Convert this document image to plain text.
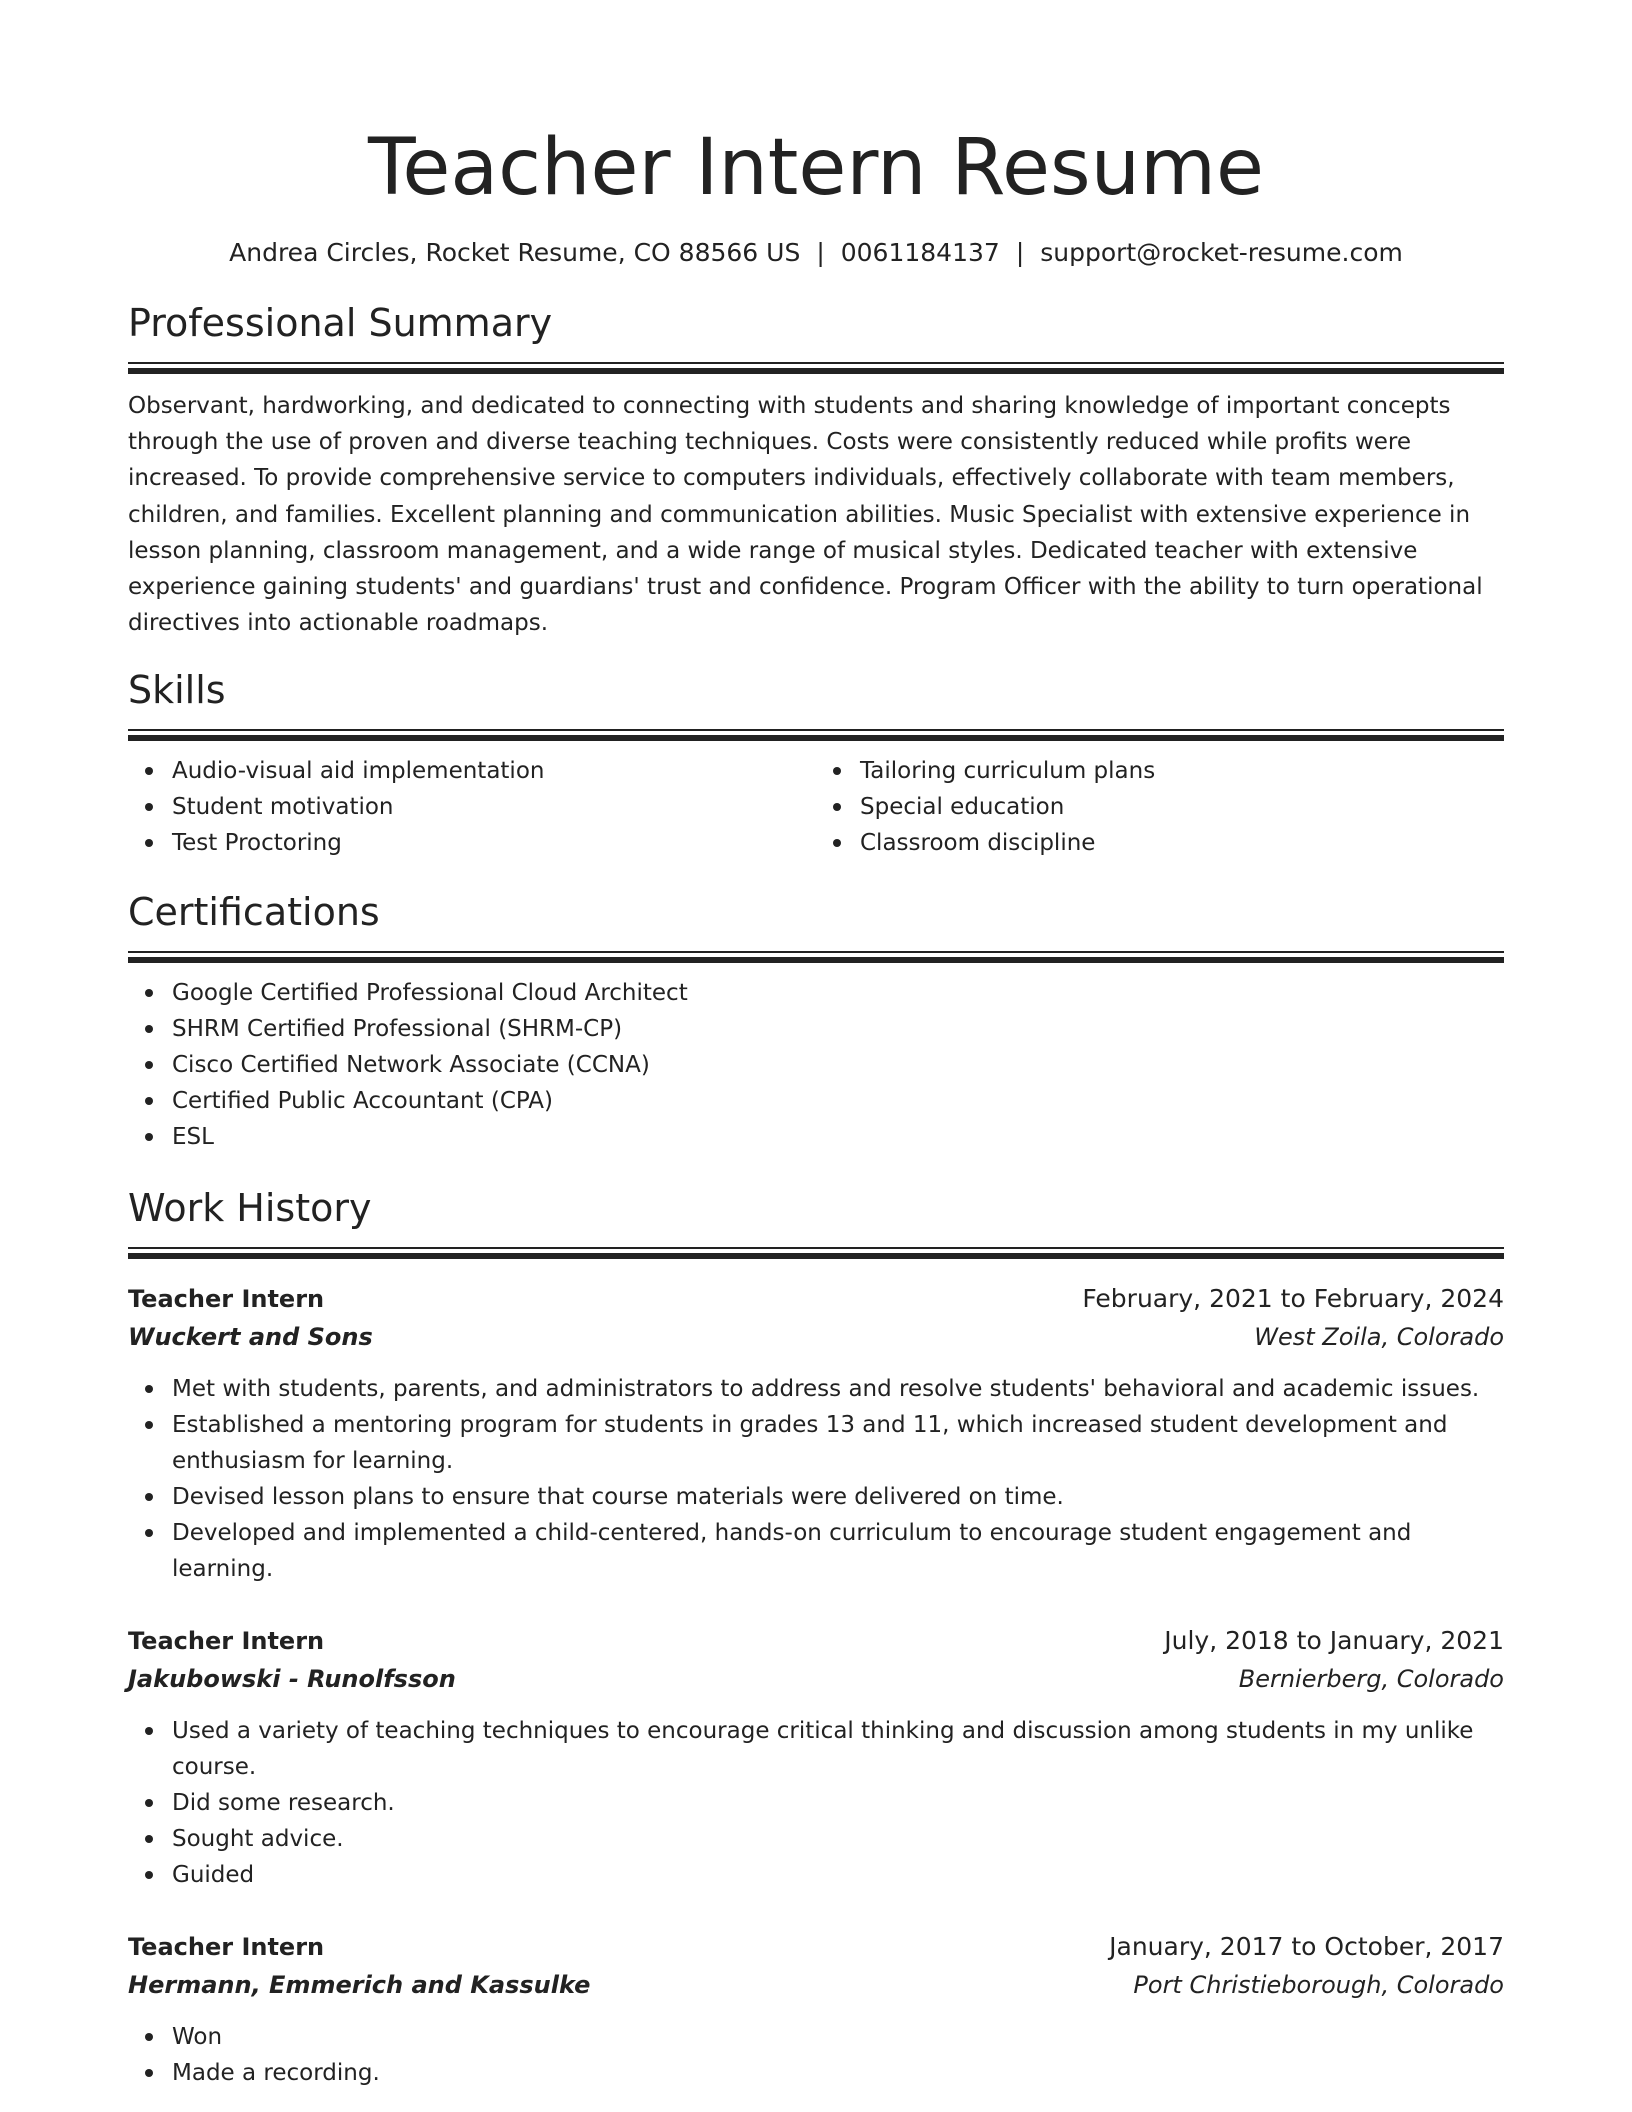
Teacher Intern Resume
Andrea Circles, Rocket Resume, CO 88566 US | 0061184137 | support@rocket-resume.com
Professional Summary

Observant, hardworking, and dedicated to connecting with students and sharing knowledge of important concepts through the use of proven and diverse teaching techniques. Costs were consistently reduced while profits were increased. To provide comprehensive service to computers individuals, effectively collaborate with team members, children, and families. Excellent planning and communication abilities. Music Specialist with extensive experience in lesson planning, classroom management, and a wide range of musical styles. Dedicated teacher with extensive experience gaining students' and guardians' trust and confidence. Program Officer with the ability to turn operational directives into actionable roadmaps.

Skills
Audio-visual aid implementation
Student motivation
Test Proctoring
Tailoring curriculum plans
Special education
Classroom discipline
Certifications
Google Certified Professional Cloud Architect
SHRM Certified Professional (SHRM-CP)
Cisco Certified Network Associate (CCNA)
Certified Public Accountant (CPA)
ESL
Work History
Teacher Intern	February, 2021 to February, 2024
Wuckert and Sons	West Zoila, Colorado
Met with students, parents, and administrators to address and resolve students' behavioral and academic issues.
Established a mentoring program for students in grades 13 and 11, which increased student development and enthusiasm for learning.
Devised lesson plans to ensure that course materials were delivered on time.
Developed and implemented a child-centered, hands-on curriculum to encourage student engagement and learning.
Teacher Intern	July, 2018 to January, 2021
Jakubowski - Runolfsson	Bernierberg, Colorado
Used a variety of teaching techniques to encourage critical thinking and discussion among students in my unlike course.
Did some research.
Sought advice.
Guided
Teacher Intern	January, 2017 to October, 2017
Hermann, Emmerich and Kassulke	Port Christieborough, Colorado
Won
Made a recording.
